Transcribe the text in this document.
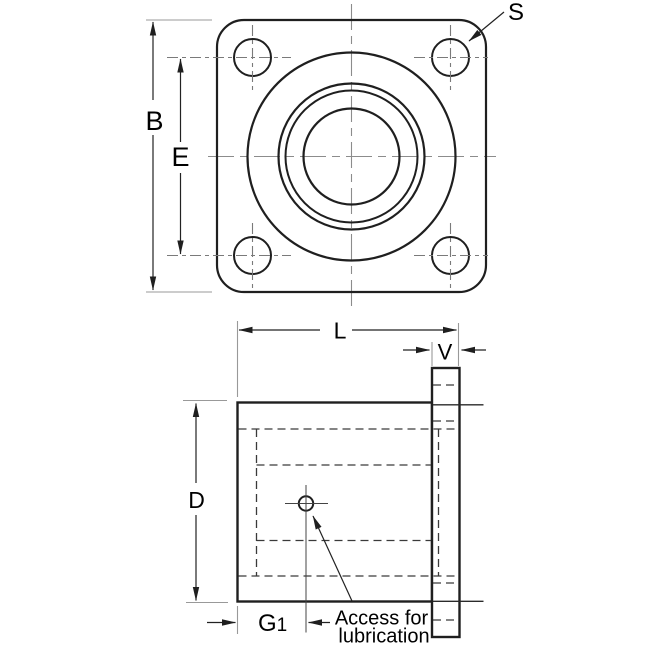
B
E
S
L
V
D
G1 Access for
lubrication
